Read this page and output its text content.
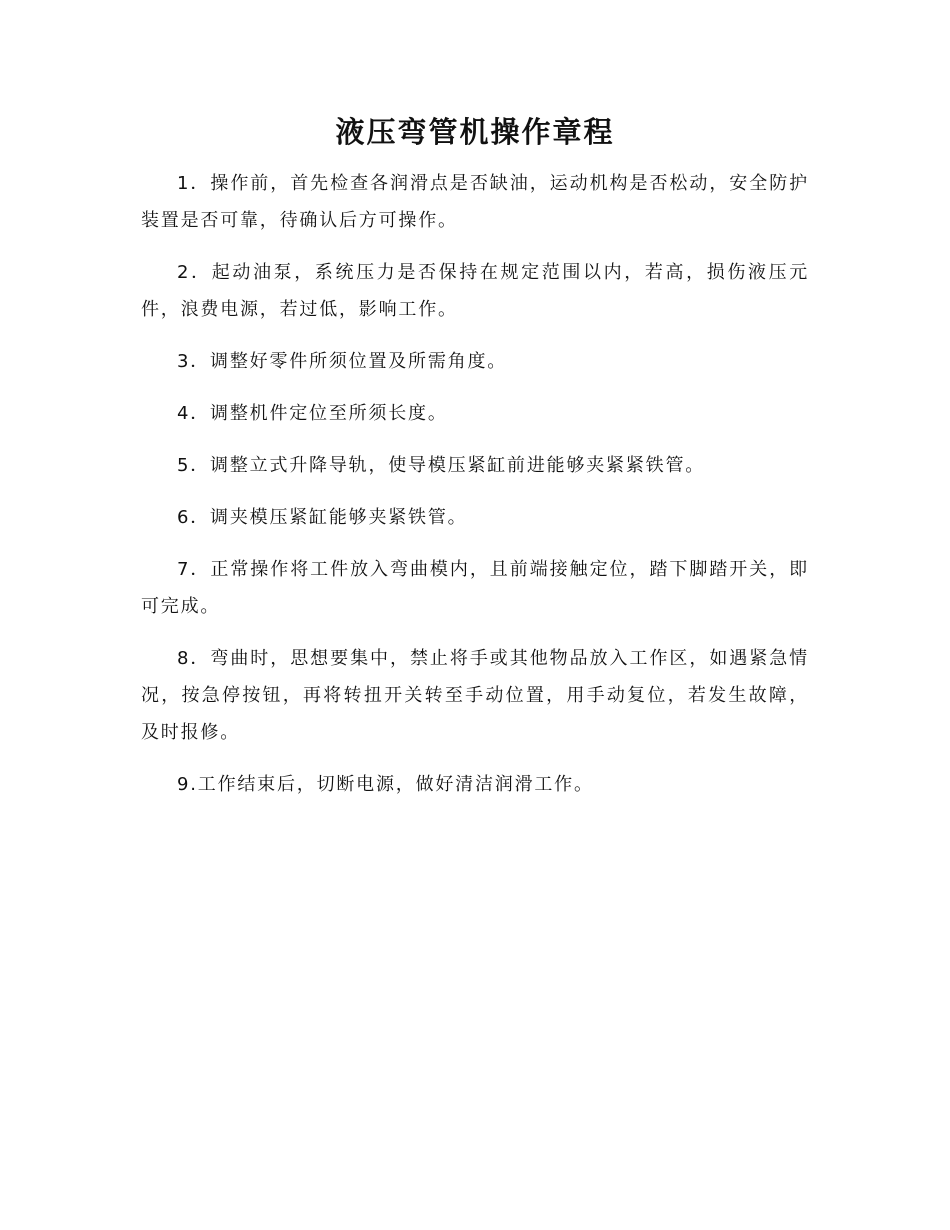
液压弯管机操作章程

1．操作前，首先检查各润滑点是否缺油，运动机构是否松动，安全防护装置是否可靠，待确认后方可操作。

2．起动油泵，系统压力是否保持在规定范围以内，若高，损伤液压元件，浪费电源，若过低，影响工作。

3．调整好零件所须位置及所需角度。

4．调整机件定位至所须长度。

5．调整立式升降导轨，使导模压紧缸前进能够夹紧紧铁管。

6．调夹模压紧缸能够夹紧铁管。

7．正常操作将工件放入弯曲模内，且前端接触定位，踏下脚踏开关，即可完成。

8．弯曲时，思想要集中，禁止将手或其他物品放入工作区，如遇紧急情况，按急停按钮，再将转扭开关转至手动位置，用手动复位，若发生故障，及时报修。

9.工作结束后，切断电源，做好清洁润滑工作。
